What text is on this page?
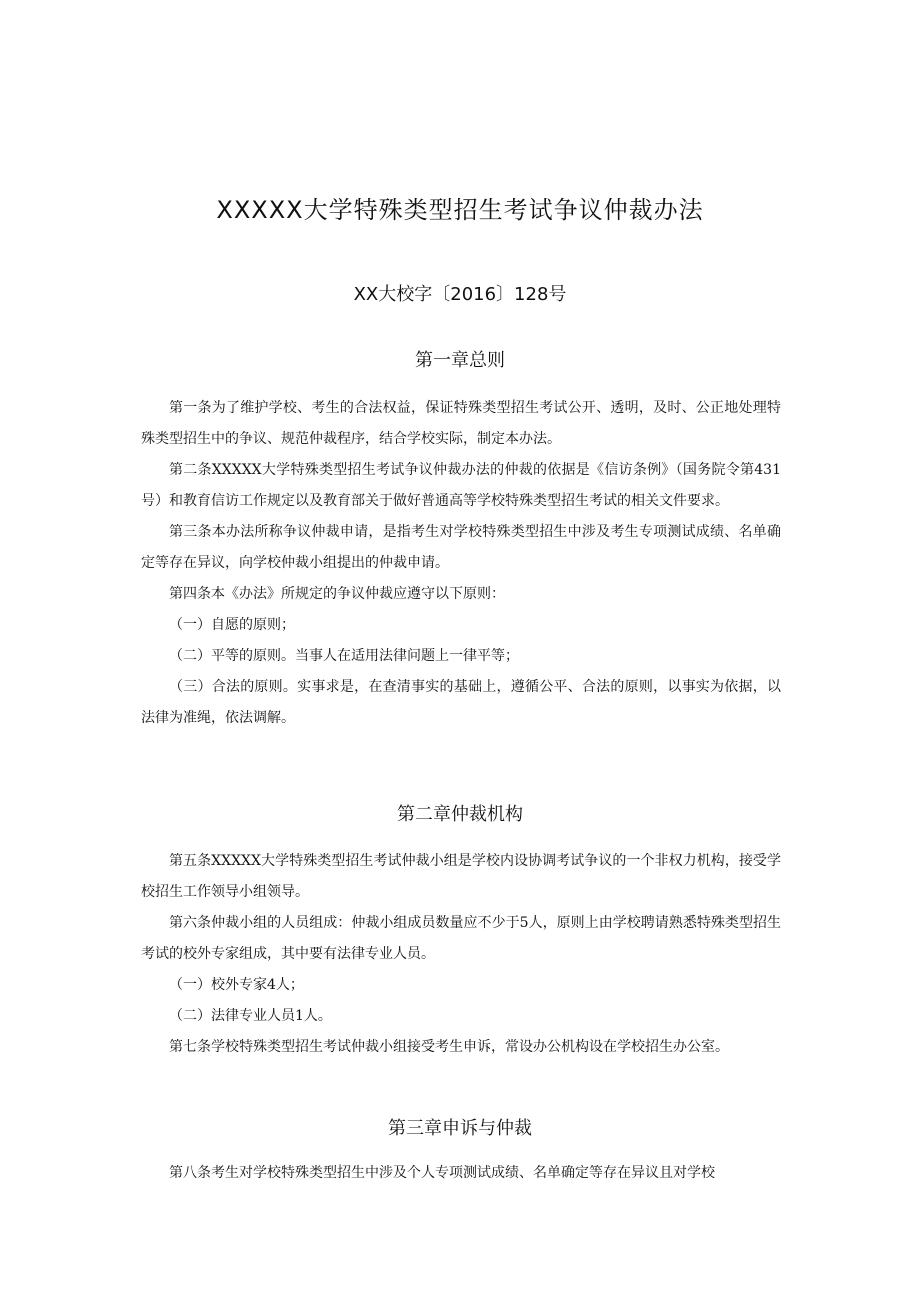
XXXXX大学特殊类型招生考试争议仲裁办法
XX大校字〔2016〕128号
第一章总则

第一条为了维护学校、考生的合法权益，保证特殊类型招生考试公开、透明，及时、公正地处理特殊类型招生中的争议、规范仲裁程序，结合学校实际，制定本办法。

第二条XXXXX大学特殊类型招生考试争议仲裁办法的仲裁的依据是《信访条例》（国务院令第431号）和教育信访工作规定以及教育部关于做好普通高等学校特殊类型招生考试的相关文件要求。

第三条本办法所称争议仲裁申请，是指考生对学校特殊类型招生中涉及考生专项测试成绩、名单确定等存在异议，向学校仲裁小组提出的仲裁申请。

第四条本《办法》所规定的争议仲裁应遵守以下原则：

（一）自愿的原则；

（二）平等的原则。当事人在适用法律问题上一律平等；

（三）合法的原则。实事求是，在查清事实的基础上，遵循公平、合法的原则，以事实为依据，以法律为准绳，依法调解。

第二章仲裁机构

第五条XXXXX大学特殊类型招生考试仲裁小组是学校内设协调考试争议的一个非权力机构，接受学校招生工作领导小组领导。

第六条仲裁小组的人员组成：仲裁小组成员数量应不少于5人，原则上由学校聘请熟悉特殊类型招生考试的校外专家组成，其中要有法律专业人员。

（一）校外专家4人；

（二）法律专业人员1人。

第七条学校特殊类型招生考试仲裁小组接受考生申诉，常设办公机构设在学校招生办公室。

第三章申诉与仲裁

第八条考生对学校特殊类型招生中涉及个人专项测试成绩、名单确定等存在异议且对学校
